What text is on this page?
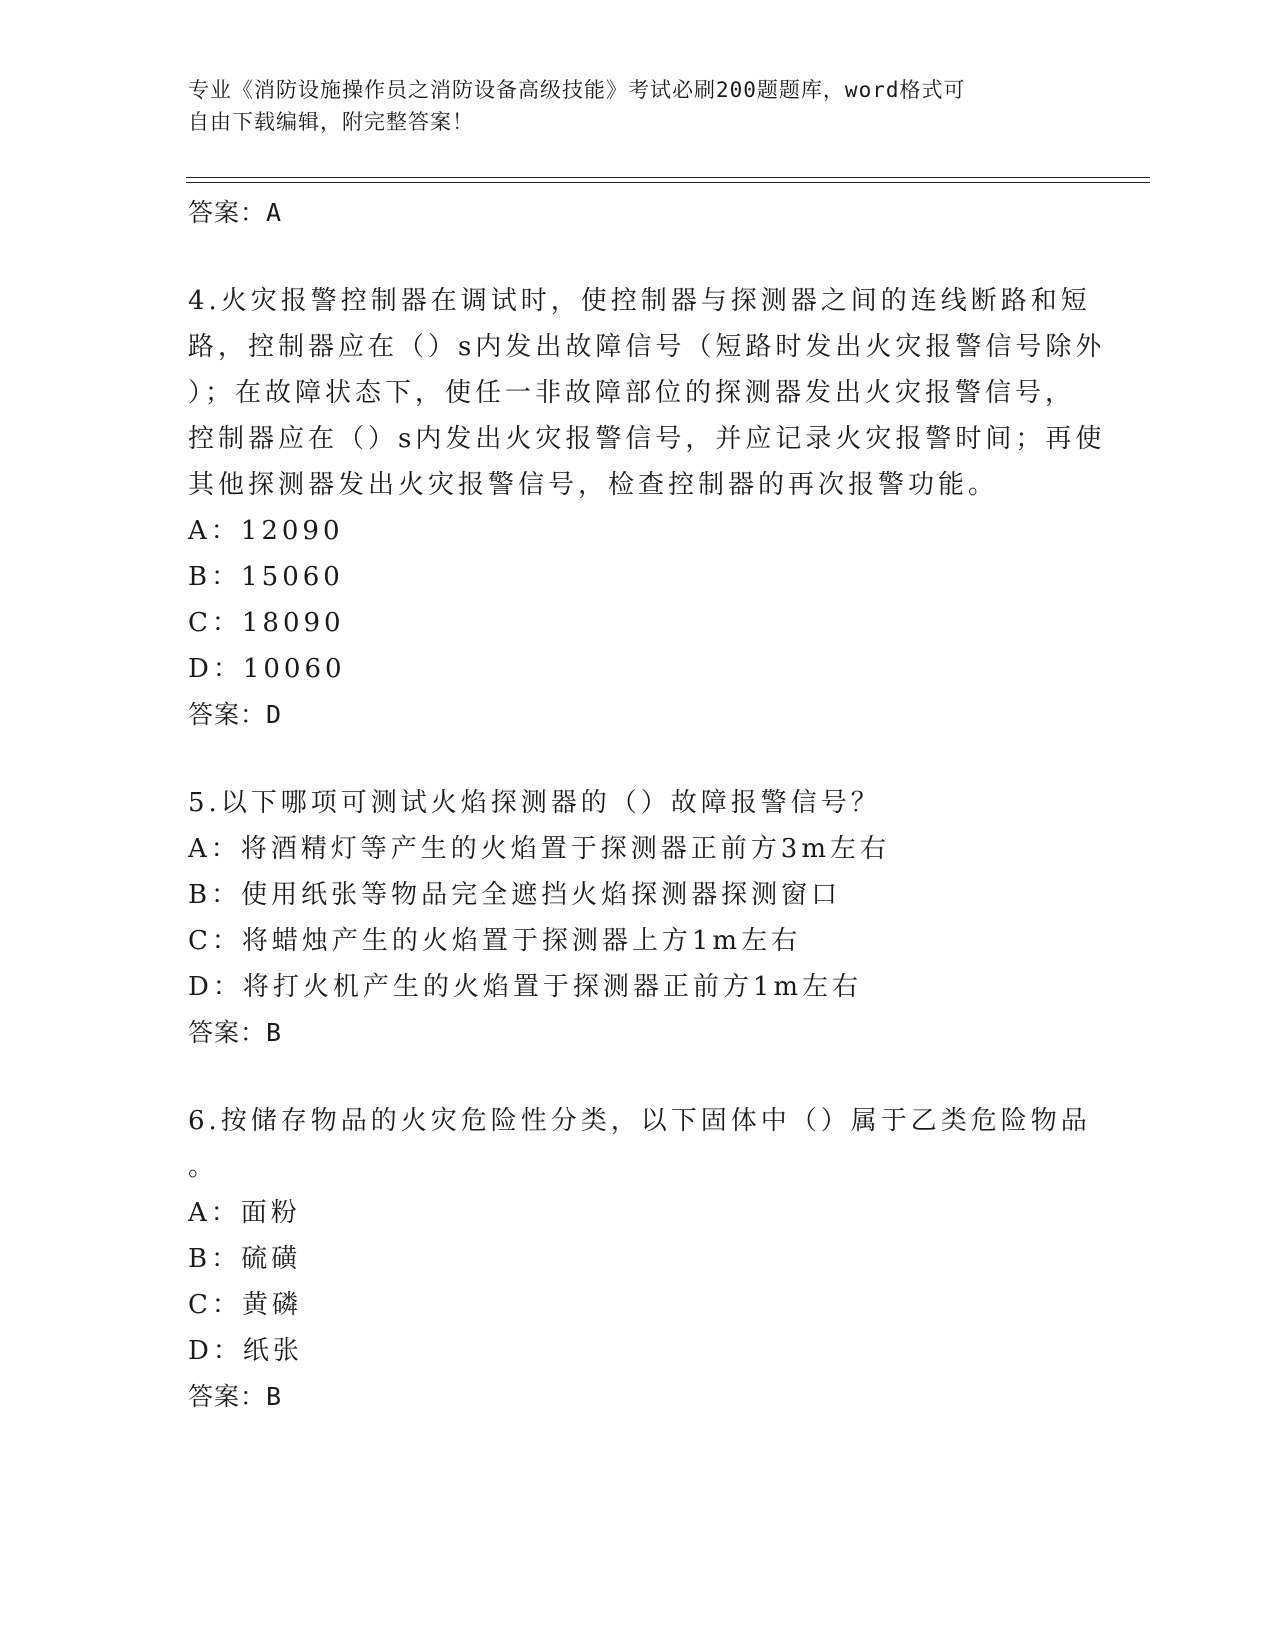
专业《消防设施操作员之消防设备高级技能》考试必刷200题题库，word格式可
自由下载编辑，附完整答案！
答案：A
4.火灾报警控制器在调试时，使控制器与探测器之间的连线断路和短
路，控制器应在（）s内发出故障信号（短路时发出火灾报警信号除外
）；在故障状态下，使任一非故障部位的探测器发出火灾报警信号，
控制器应在（）s内发出火灾报警信号，并应记录火灾报警时间；再使
其他探测器发出火灾报警信号，检查控制器的再次报警功能。
A：12090
B：15060
C：18090
D：10060
答案：D
5.以下哪项可测试火焰探测器的（）故障报警信号？
A：将酒精灯等产生的火焰置于探测器正前方3m左右
B：使用纸张等物品完全遮挡火焰探测器探测窗口
C：将蜡烛产生的火焰置于探测器上方1m左右
D：将打火机产生的火焰置于探测器正前方1m左右
答案：B
6.按储存物品的火灾危险性分类，以下固体中（）属于乙类危险物品
。
A：面粉
B：硫磺
C：黄磷
D：纸张
答案：B
